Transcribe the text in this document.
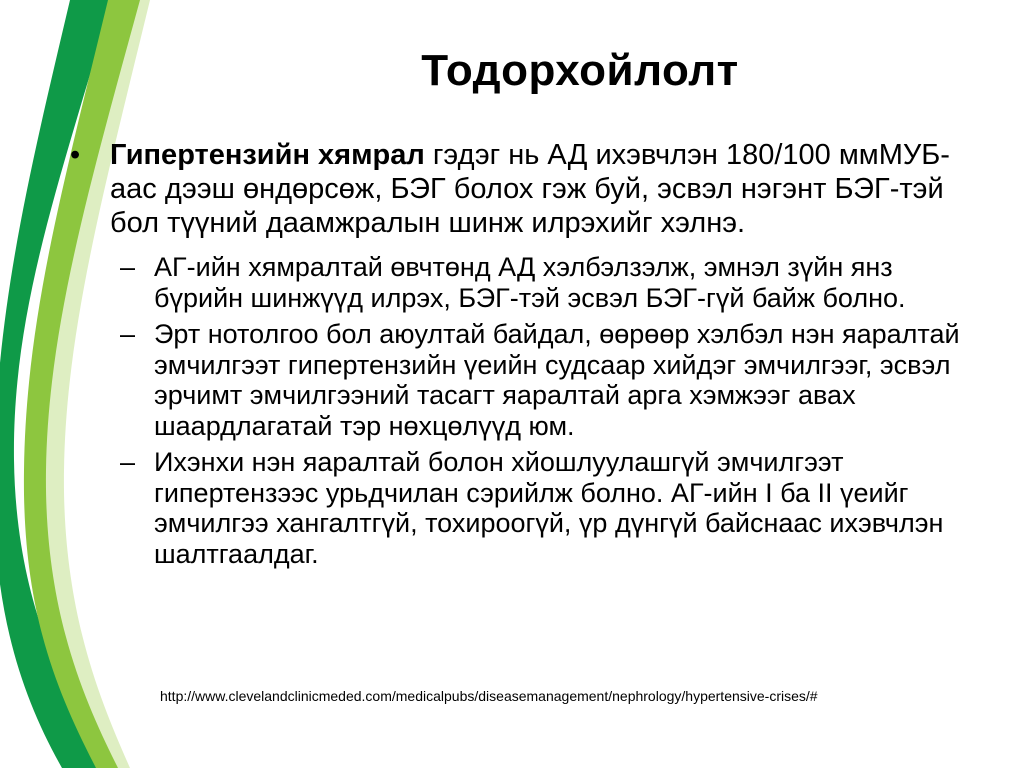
Тодорхойлолт
• Гипертензийн хямрал гэдэг нь АД ихэвчлэн 180/100 ммМУБ-аас дээш өндөрсөж, БЭГ болох гэж буй, эсвэл нэгэнт БЭГ-тэй бол түүний даамжралын шинж илрэхийг хэлнэ.
– АГ-ийн хямралтай өвчтөнд АД хэлбэлзэлж, эмнэл зүйн янз бүрийн шинжүүд илрэх, БЭГ-тэй эсвэл БЭГ-гүй байж болно.
– Эрт нотолгоо бол аюултай байдал, өөрөөр хэлбэл нэн яаралтай эмчилгээт гипертензийн үеийн судсаар хийдэг эмчилгээг, эсвэл эрчимт эмчилгээний тасагт яаралтай арга хэмжээг авах шаардлагатай тэр нөхцөлүүд юм.
– Ихэнхи нэн яаралтай болон хйошлуулашгүй эмчилгээт гипертензээс урьдчилан сэрийлж болно. АГ-ийн I ба II үеийг эмчилгээ хангалтгүй, тохироогүй, үр дүнгүй байснаас ихэвчлэн шалтгаалдаг.
http://www.clevelandclinicmeded.com/medicalpubs/diseasemanagement/nephrology/hypertensive-crises/#
